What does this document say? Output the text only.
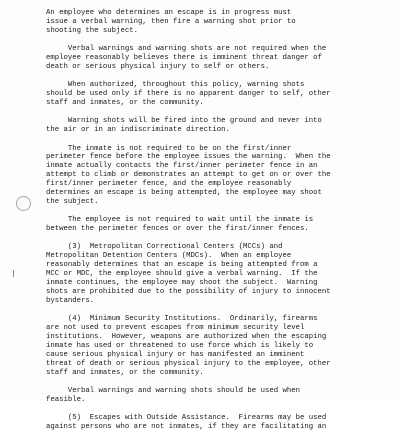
An employee who determines an escape is in progress must
issue a verbal warning, then fire a warning shot prior to
shooting the subject.

Verbal warnings and warning shots are not required when the
employee reasonably believes there is imminent threat danger of
death or serious physical injury to self or others.

When authorized, throughout this policy, warning shots
should be used only if there is no apparent danger to self, other
staff and inmates, or the community.

Warning shots will be fired into the ground and never into
the air or in an indiscriminate direction.

The inmate is not required to be on the first/inner
perimeter fence before the employee issues the warning.  When the
inmate actually contacts the first/inner perimeter fence in an
attempt to climb or demonstrates an attempt to get on or over the
first/inner perimeter fence, and the employee reasonably
determines an escape is being attempted, the employee may shoot
the subject.

The employee is not required to wait until the inmate is
between the perimeter fences or over the first/inner fences.

(3)  Metropolitan Correctional Centers (MCCs) and
Metropolitan Detention Centers (MDCs).  When an employee
reasonably determines that an escape is being attempted from a
MCC or MDC, the employee should give a verbal warning.  If the
inmate continues, the employee may shoot the subject.  Warning
shots are prohibited due to the possibility of injury to innocent
bystanders.

(4)  Minimum Security Institutions.  Ordinarily, firearms
are not used to prevent escapes from minimum security level
institutions.  However, weapons are authorized when the escaping
inmate has used or threatened to use force which is likely to
cause serious physical injury or has manifested an imminent
threat of death or serious physical injury to the employee, other
staff and inmates, or the community.

Verbal warnings and warning shots should be used when
feasible.

(5)  Escapes with Outside Assistance.  Firearms may be used
against persons who are not inmates, if they are facilitating an
